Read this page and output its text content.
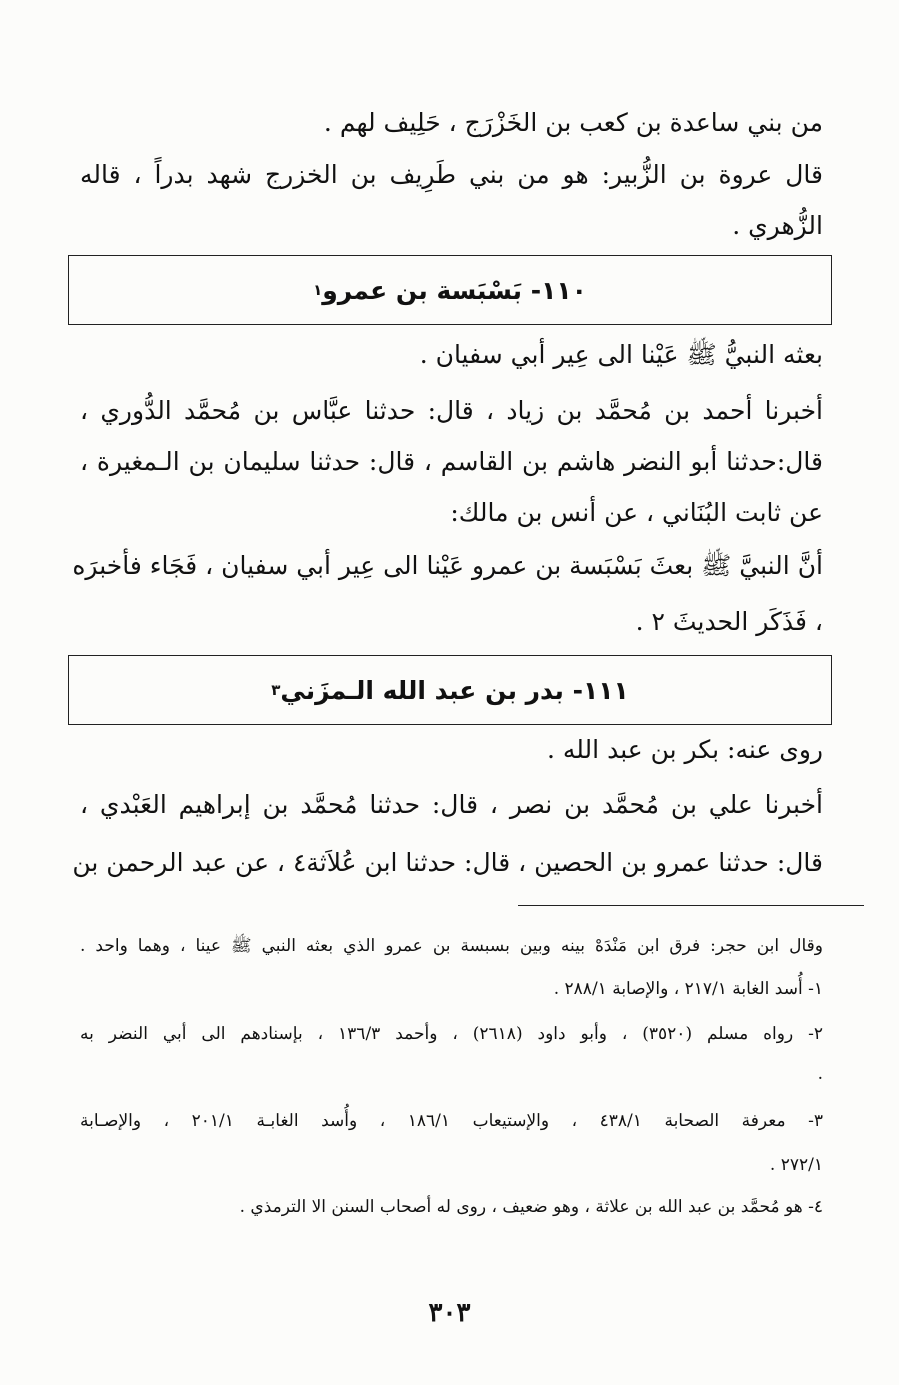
من بني ساعدة بن كعب بن الخَزْرَج ، حَلِيف لهم .
قال عروة بن الزُّبير: هو من بني طَرِيف بن الخزرج شهد بدراً ، قاله
الزُّهري .
١١٠- بَسْبَسة بن عمرو
١
بعثه النبيُّ ﷺ عَيْنا الى عِير أبي سفيان .
أخبرنا أحمد بن مُحمَّد بن زياد ، قال: حدثنا عبَّاس بن مُحمَّد الدُّوري ،
قال:حدثنا أبو النضر هاشم بن القاسم ، قال: حدثنا سليمان بن الـمغيرة ،
عن ثابت البُنَاني ، عن أنس بن مالك:
أنَّ النبيَّ ﷺ بعثَ بَسْبَسة بن عمرو عَيْنا الى عِير أبي سفيان ، فَجَاء فأخبرَه
، فَذَكَر الحديثَ ٢ .
١١١- بدر بن عبد الله الـمزَني
٣
روى عنه: بكر بن عبد الله .
أخبرنا علي بن مُحمَّد بن نصر ، قال: حدثنا مُحمَّد بن إبراهيم العَبْدي ،
قال: حدثنا عمرو بن الحصين ، قال: حدثنا ابن عُلاَثة٤ ، عن عبد الرحمن بن
وقال ابن حجر: فرق ابن مَنْدَهْ بينه وبين بسبسة بن عمرو الذي بعثه النبي ﷺ عينا ، وهما واحد .
١- أُسد الغابة ٢١٧/١ ، والإصابة ٢٨٨/١ .
٢- رواه مسلم (٣٥٢٠) ، وأبو داود (٢٦١٨) ، وأحمد ١٣٦/٣ ، بإسنادهم الى أبي النضر به
.
٣- معرفة الصحابة ٤٣٨/١ ، والإستيعاب ١٨٦/١ ، وأُسد الغابـة ٢٠١/١ ، والإصـابة
٢٧٢/١ .
٤- هو مُحمَّد بن عبد الله بن علاثة ، وهو ضعيف ، روى له أصحاب السنن الا الترمذي .
٣٠٣
